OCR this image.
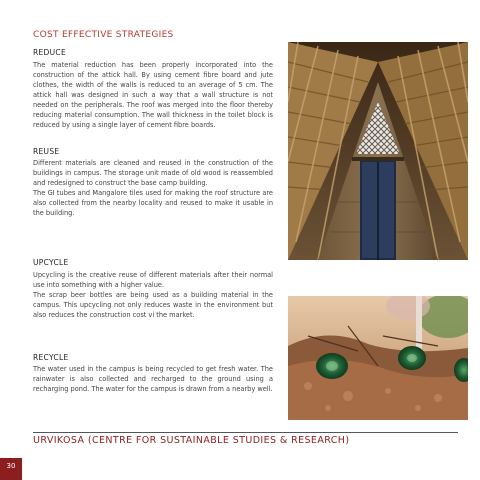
COST EFFECTIVE STRATEGIES
REDUCE

The material reduction has been properly incorporated into the construction of the attick hall. By using cement fibre board and jute clothes, the width of the walls is reduced to an average of 5 cm. The attick hall was designed in such a way that a wall structure is not needed on the peripherals. The roof was merged into the floor thereby reducing material consumption. The wall thickness in the toilet block is reduced by using a single layer of cement fibre boards.

REUSE

Different materials are cleaned and reused in the construction of the buildings in campus. The storage unit made of old wood is reassembled and redesigned to construct the base camp building.

The GI tubes and Mangalore tiles used for making the roof structure are also collected from the nearby locality and reused to make it usable in the building.

UPCYCLE

Upcycling is the creative reuse of different materials after their normal use into something with a higher value.

The scrap beer bottles are being used as a building material in the campus. This upcycling not only reduces waste in the environment but also reduces the construction cost vi the market.

RECYCLE

The water used in the campus is being recycled to get fresh water. The rainwater is also collected and recharged to the ground using a recharging pond. The water for the campus is drawn from a nearby well.

URVIKOSA (CENTRE FOR SUSTAINABLE STUDIES & RESEARCH)
30
